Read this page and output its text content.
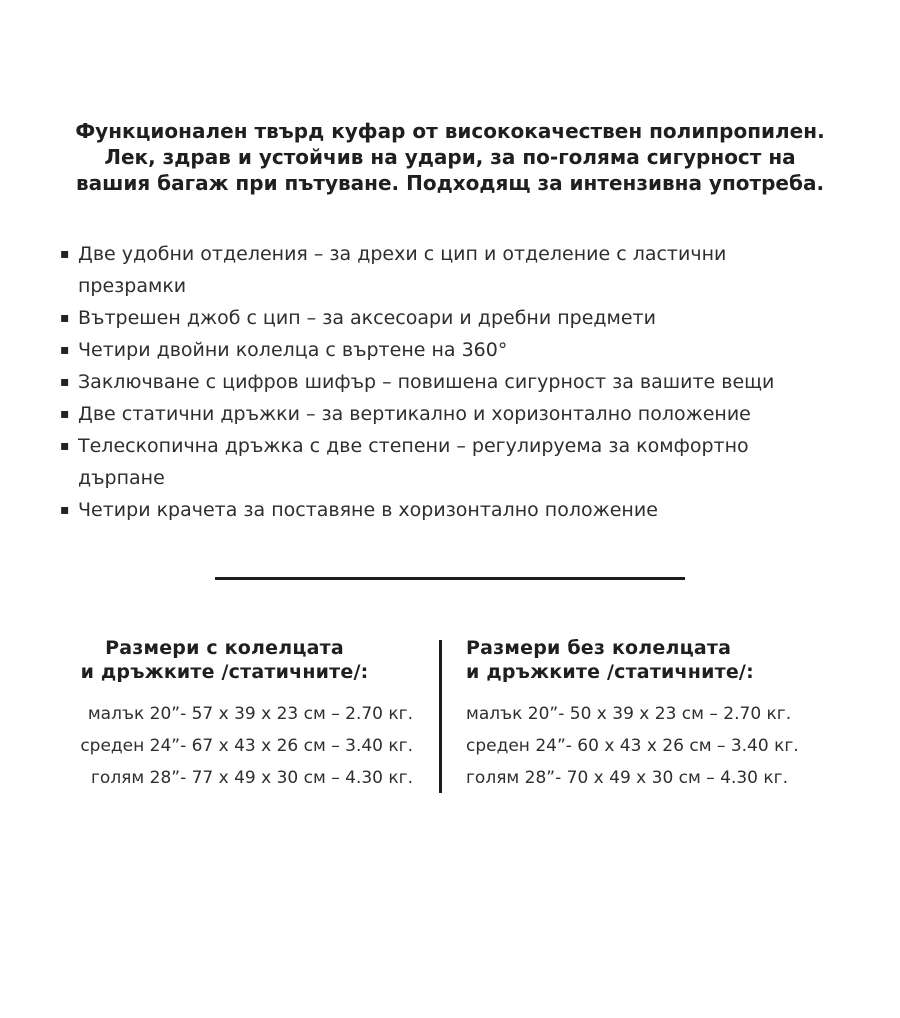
Функционален твърд куфар от висококачествен полипропилен.
Лек, здрав и устойчив на удари, за по-голяма сигурност на
вашия багаж при пътуване. Подходящ за интензивна употреба.
▪ Две удобни отделения – за дрехи с цип и отделение с ластични презрамки
▪ Вътрешен джоб с цип – за аксесоари и дребни предмети
▪ Четири двойни колелца с въртене на 360°
▪ Заключване с цифров шифър – повишена сигурност за вашите вещи
▪ Две статични дръжки – за вертикално и хоризонтално положение
▪ Телескопична дръжка с две степени – регулируема за комфортно дърпане
▪ Четири крачета за поставяне в хоризонтално положение
Размери с колелцата
и дръжките /статичните/:
малък 20”- 57 х 39 х 23 см – 2.70 кг.
среден 24”- 67 х 43 х 26 см – 3.40 кг.
голям 28”- 77 х 49 х 30 см – 4.30 кг.
Размери без колелцата
и дръжките /статичните/:
малък 20”- 50 х 39 х 23 см – 2.70 кг.
среден 24”- 60 х 43 х 26 см – 3.40 кг.
голям 28”- 70 х 49 х 30 см – 4.30 кг.
